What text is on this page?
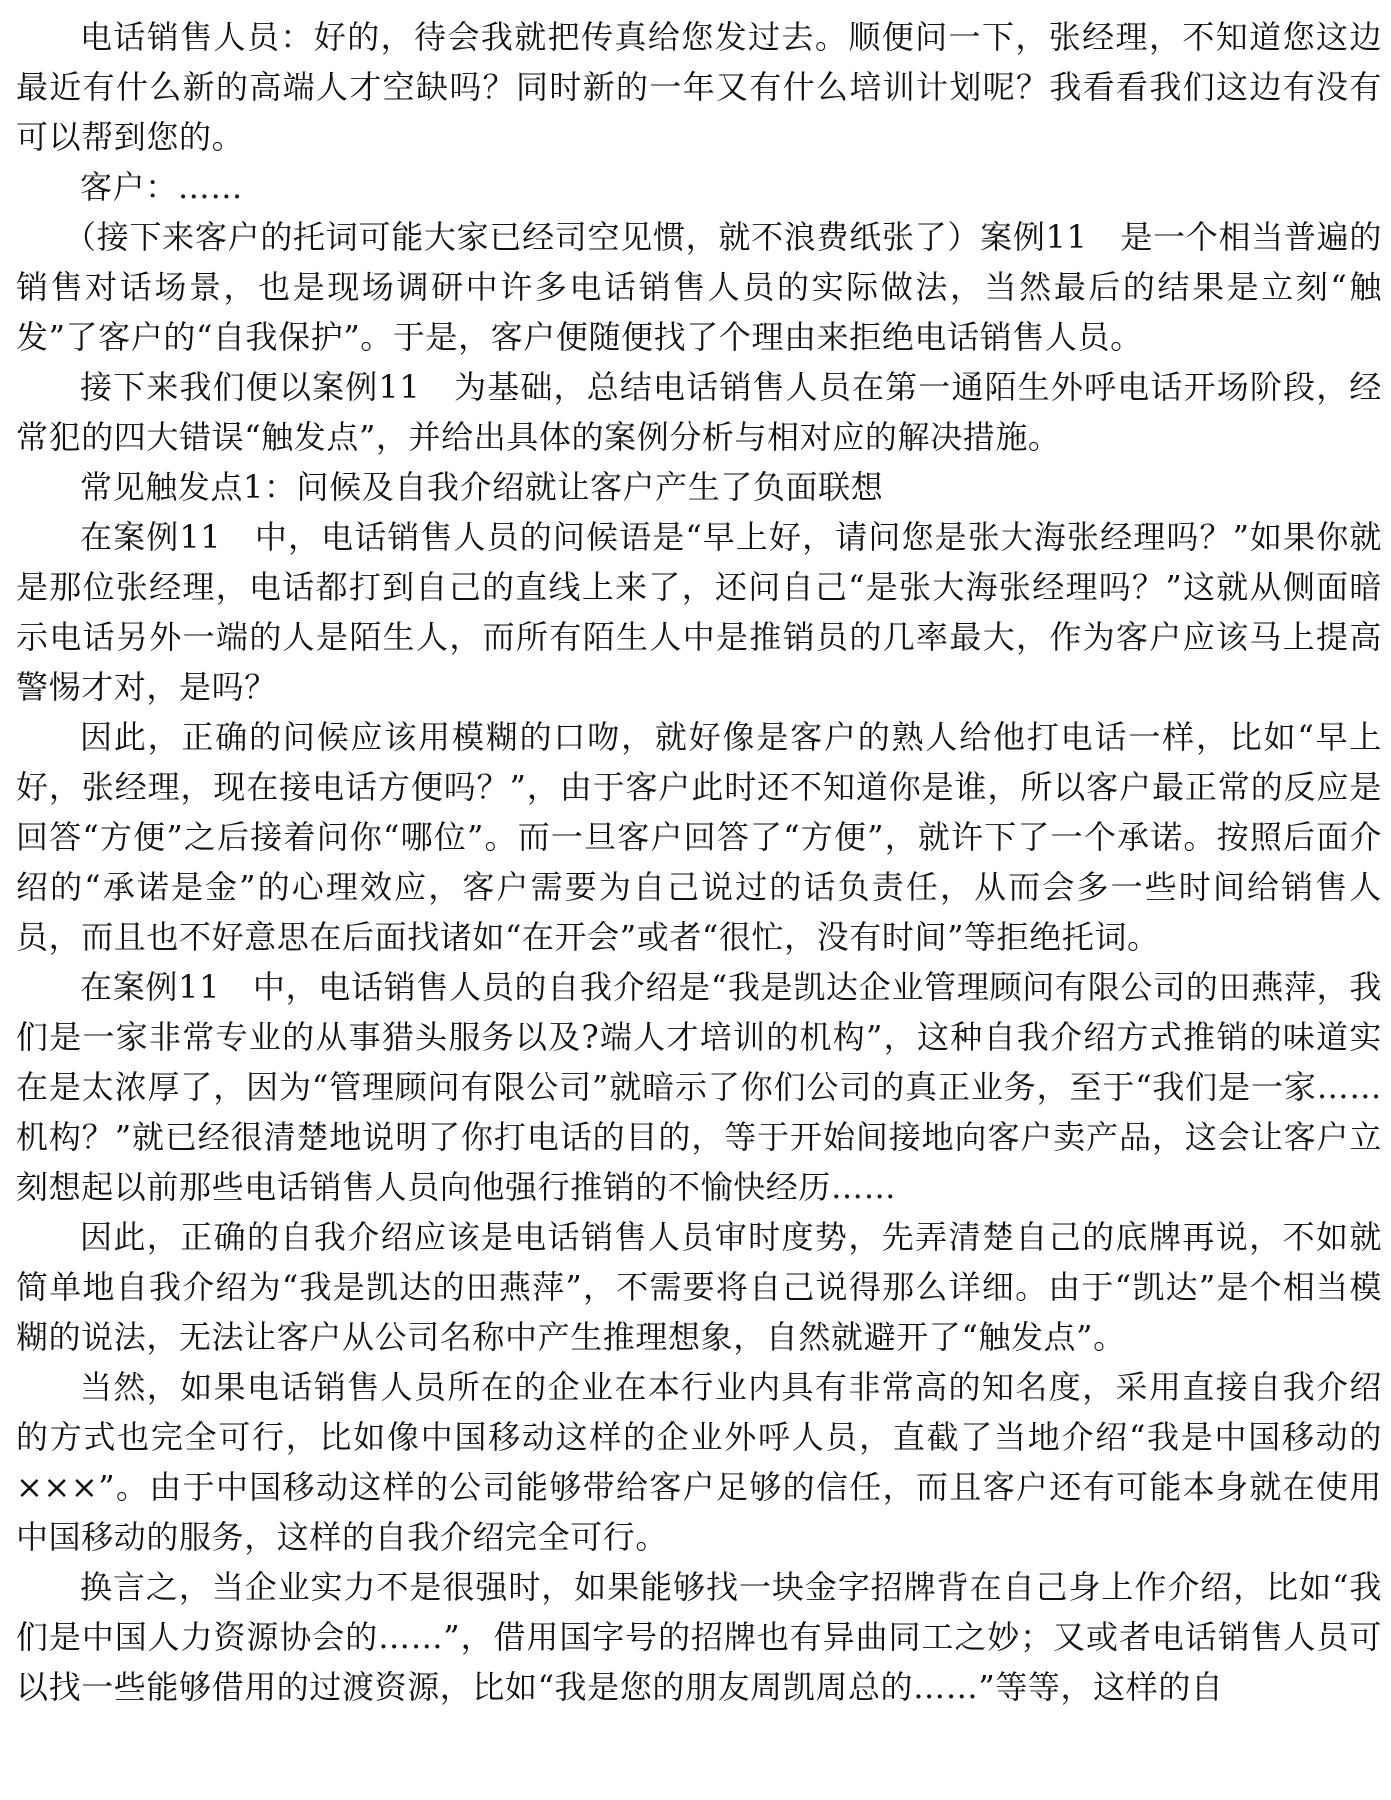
电话销售人员：好的，待会我就把传真给您发过去。顺便问一下，张经理，不知道您这边最近有什么新的高端人才空缺吗？同时新的一年又有什么培训计划呢？我看看我们这边有没有可以帮到您的。

客户：……

（接下来客户的托词可能大家已经司空见惯，就不浪费纸张了）案例11　是一个相当普遍的销售对话场景，也是现场调研中许多电话销售人员的实际做法，当然最后的结果是立刻“触发”了客户的“自我保护”。于是，客户便随便找了个理由来拒绝电话销售人员。

接下来我们便以案例11　为基础，总结电话销售人员在第一通陌生外呼电话开场阶段，经常犯的四大错误“触发点”，并给出具体的案例分析与相对应的解决措施。

常见触发点1：问候及自我介绍就让客户产生了负面联想

在案例11　中，电话销售人员的问候语是“早上好，请问您是张大海张经理吗？”如果你就是那位张经理，电话都打到自己的直线上来了，还问自己“是张大海张经理吗？”这就从侧面暗示电话另外一端的人是陌生人，而所有陌生人中是推销员的几率最大，作为客户应该马上提高警惕才对，是吗？

因此，正确的问候应该用模糊的口吻，就好像是客户的熟人给他打电话一样，比如“早上好，张经理，现在接电话方便吗？”，由于客户此时还不知道你是谁，所以客户最正常的反应是回答“方便”之后接着问你“哪位”。而一旦客户回答了“方便”，就许下了一个承诺。按照后面介绍的“承诺是金”的心理效应，客户需要为自己说过的话负责任，从而会多一些时间给销售人员，而且也不好意思在后面找诸如“在开会”或者“很忙，没有时间”等拒绝托词。

在案例11　中，电话销售人员的自我介绍是“我是凯达企业管理顾问有限公司的田燕萍，我们是一家非常专业的从事猎头服务以及?端人才培训的机构”，这种自我介绍方式推销的味道实在是太浓厚了，因为“管理顾问有限公司”就暗示了你们公司的真正业务，至于“我们是一家……机构？”就已经很清楚地说明了你打电话的目的，等于开始间接地向客户卖产品，这会让客户立刻想起以前那些电话销售人员向他强行推销的不愉快经历……

因此，正确的自我介绍应该是电话销售人员审时度势，先弄清楚自己的底牌再说，不如就简单地自我介绍为“我是凯达的田燕萍”，不需要将自己说得那么详细。由于“凯达”是个相当模糊的说法，无法让客户从公司名称中产生推理想象，自然就避开了“触发点”。

当然，如果电话销售人员所在的企业在本行业内具有非常高的知名度，采用直接自我介绍的方式也完全可行，比如像中国移动这样的企业外呼人员，直截了当地介绍“我是中国移动的×××”。由于中国移动这样的公司能够带给客户足够的信任，而且客户还有可能本身就在使用中国移动的服务，这样的自我介绍完全可行。

换言之，当企业实力不是很强时，如果能够找一块金字招牌背在自己身上作介绍，比如“我们是中国人力资源协会的……”，借用国字号的招牌也有异曲同工之妙；又或者电话销售人员可以找一些能够借用的过渡资源，比如“我是您的朋友周凯周总的……”等等，这样的自
